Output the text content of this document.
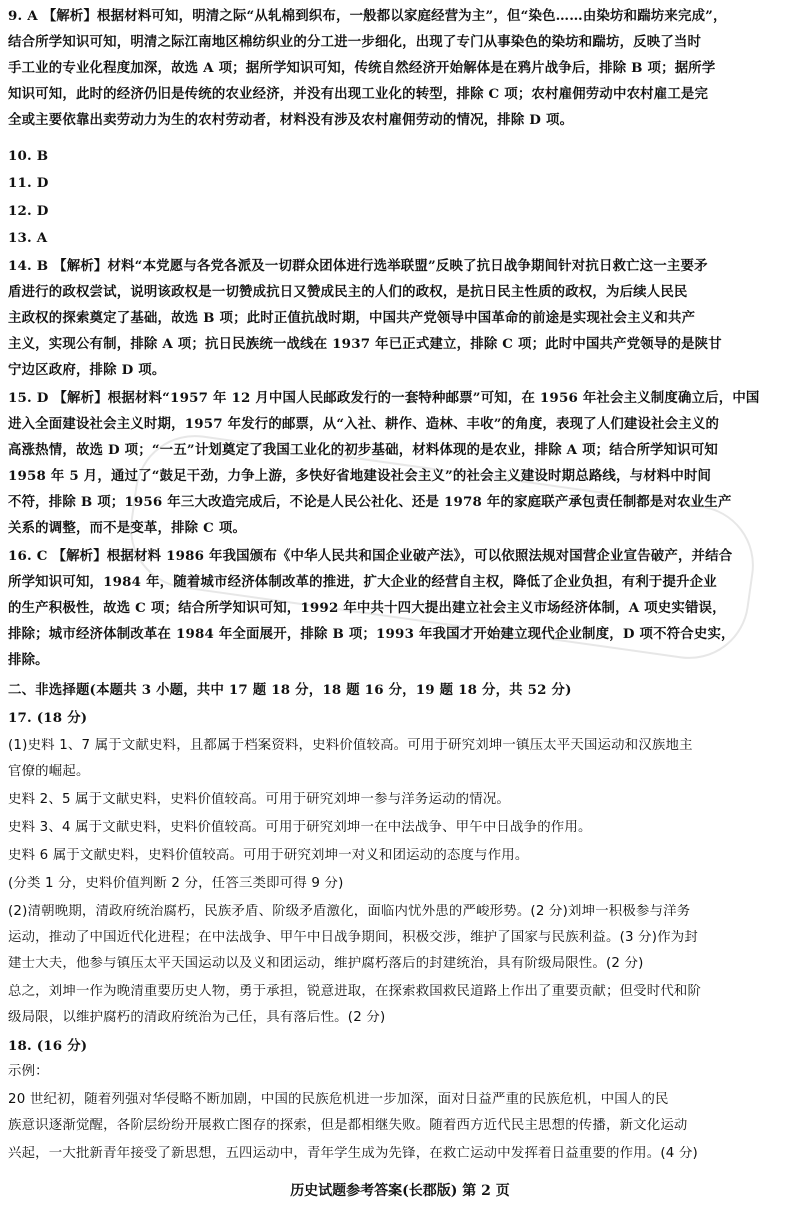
9. A 【解析】根据材料可知，明清之际“从轧棉到织布，一般都以家庭经营为主”，但“染色……由染坊和踹坊来完成”，
结合所学知识可知，明清之际江南地区棉纺织业的分工进一步细化，出现了专门从事染色的染坊和踹坊，反映了当时
手工业的专业化程度加深，故选 A 项；据所学知识可知，传统自然经济开始解体是在鸦片战争后，排除 B 项；据所学
知识可知，此时的经济仍旧是传统的农业经济，并没有出现工业化的转型，排除 C 项；农村雇佣劳动中农村雇工是完
全或主要依靠出卖劳动力为生的农村劳动者，材料没有涉及农村雇佣劳动的情况，排除 D 项。
10. B
11. D
12. D
13. A
14. B 【解析】材料“本党愿与各党各派及一切群众团体进行选举联盟”反映了抗日战争期间针对抗日救亡这一主要矛
盾进行的政权尝试，说明该政权是一切赞成抗日又赞成民主的人们的政权，是抗日民主性质的政权，为后续人民民
主政权的探索奠定了基础，故选 B 项；此时正值抗战时期，中国共产党领导中国革命的前途是实现社会主义和共产
主义，实现公有制，排除 A 项；抗日民族统一战线在 1937 年已正式建立，排除 C 项；此时中国共产党领导的是陕甘
宁边区政府，排除 D 项。
15. D 【解析】根据材料“1957 年 12 月中国人民邮政发行的一套特种邮票”可知，在 1956 年社会主义制度确立后，中国
进入全面建设社会主义时期，1957 年发行的邮票，从“入社、耕作、造林、丰收”的角度，表现了人们建设社会主义的
高涨热情，故选 D 项；“一五”计划奠定了我国工业化的初步基础，材料体现的是农业，排除 A 项；结合所学知识可知
1958 年 5 月，通过了“鼓足干劲，力争上游，多快好省地建设社会主义”的社会主义建设时期总路线，与材料中时间
不符，排除 B 项；1956 年三大改造完成后，不论是人民公社化、还是 1978 年的家庭联产承包责任制都是对农业生产
关系的调整，而不是变革，排除 C 项。
16. C 【解析】根据材料 1986 年我国颁布《中华人民共和国企业破产法》，可以依照法规对国营企业宣告破产，并结合
所学知识可知，1984 年，随着城市经济体制改革的推进，扩大企业的经营自主权，降低了企业负担，有利于提升企业
的生产积极性，故选 C 项；结合所学知识可知，1992 年中共十四大提出建立社会主义市场经济体制，A 项史实错误，
排除；城市经济体制改革在 1984 年全面展开，排除 B 项；1993 年我国才开始建立现代企业制度，D 项不符合史实，
排除。
二、非选择题(本题共 3 小题，共中 17 题 18 分，18 题 16 分，19 题 18 分，共 52 分)
17. (18 分)
(1)史料 1、7 属于文献史料，且都属于档案资料，史料价值较高。可用于研究刘坤一镇压太平天国运动和汉族地主
官僚的崛起。
史料 2、5 属于文献史料，史料价值较高。可用于研究刘坤一参与洋务运动的情况。
史料 3、4 属于文献史料，史料价值较高。可用于研究刘坤一在中法战争、甲午中日战争的作用。
史料 6 属于文献史料，史料价值较高。可用于研究刘坤一对义和团运动的态度与作用。
(分类 1 分，史料价值判断 2 分，任答三类即可得 9 分)
(2)清朝晚期，清政府统治腐朽，民族矛盾、阶级矛盾激化，面临内忧外患的严峻形势。(2 分)刘坤一积极参与洋务
运动，推动了中国近代化进程；在中法战争、甲午中日战争期间，积极交涉，维护了国家与民族利益。(3 分)作为封
建士大夫，他参与镇压太平天国运动以及义和团运动，维护腐朽落后的封建统治，具有阶级局限性。(2 分)
总之，刘坤一作为晚清重要历史人物，勇于承担，锐意进取，在探索救国救民道路上作出了重要贡献；但受时代和阶
级局限，以维护腐朽的清政府统治为己任，具有落后性。(2 分)
18. (16 分)
示例：
20 世纪初，随着列强对华侵略不断加剧，中国的民族危机进一步加深，面对日益严重的民族危机，中国人的民
族意识逐渐觉醒，各阶层纷纷开展救亡图存的探索，但是都相继失败。随着西方近代民主思想的传播，新文化运动
兴起，一大批新青年接受了新思想，五四运动中，青年学生成为先锋，在救亡运动中发挥着日益重要的作用。(4 分)
历史试题参考答案(长郡版) 第 2 页
